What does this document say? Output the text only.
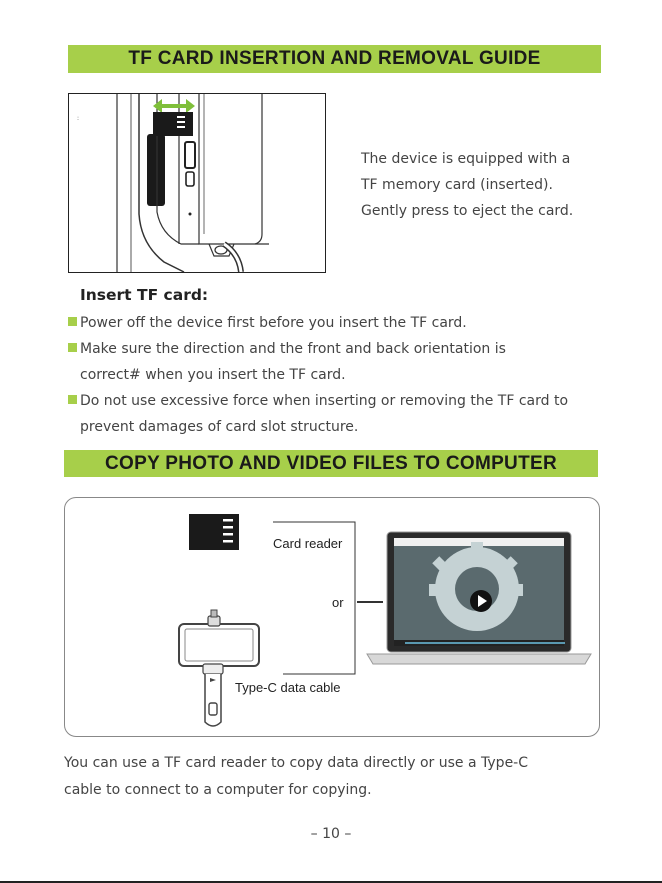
TF CARD INSERTION AND REMOVAL GUIDE
:
The device is equipped with a
TF memory card (inserted).
Gently press to eject the card.
Insert TF card:
Power off the device first before you insert the TF card.
Make sure the direction and the front and back orientation is
correct# when you insert the TF card.
Do not use excessive force when inserting or removing the TF card to
prevent damages of card slot structure.
COPY PHOTO AND VIDEO FILES TO COMPUTER
Card reader
or
Type-C data cable
You can use a TF card reader to copy data directly or use a Type-C
cable to connect to a computer for copying.
– 10 –
